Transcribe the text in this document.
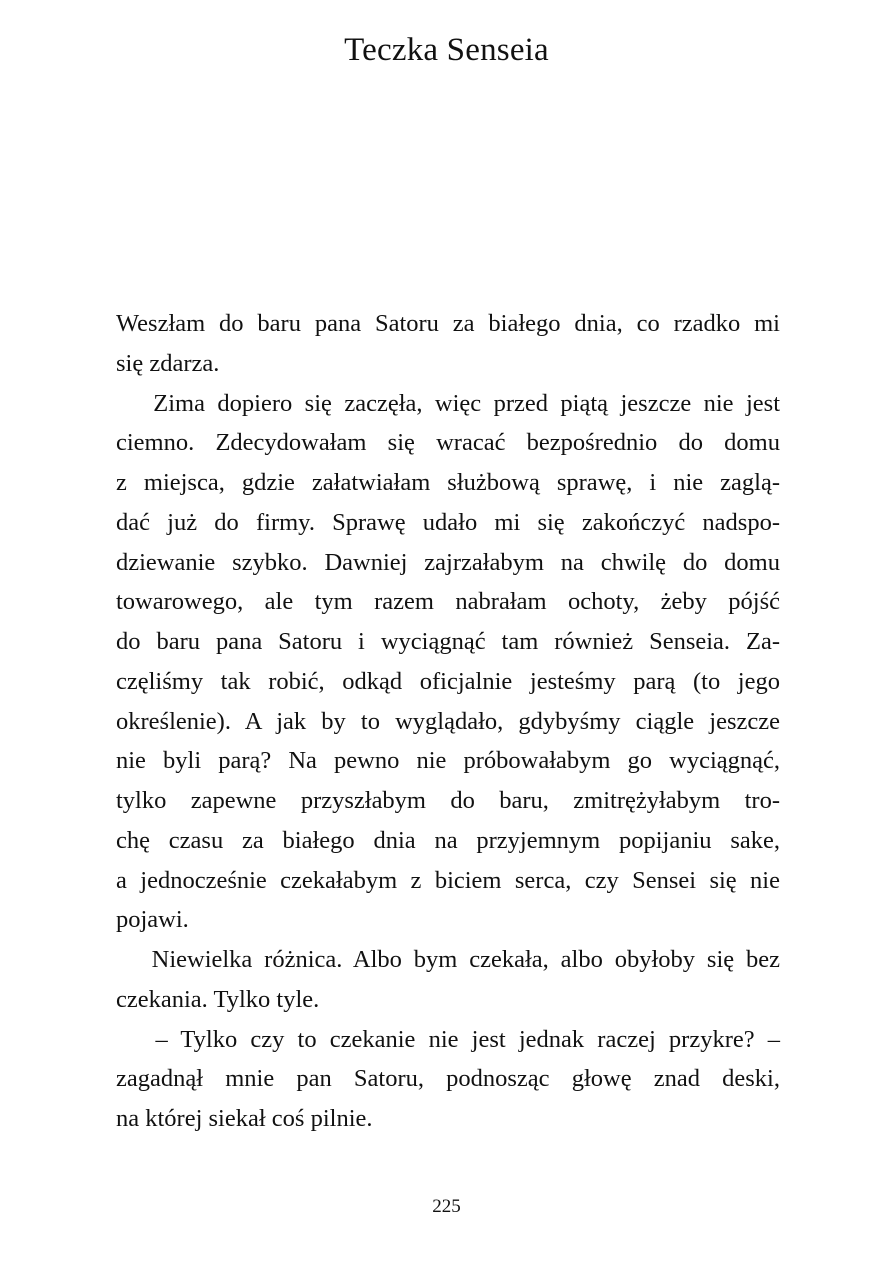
Teczka Senseia
Weszłam do baru pana Satoru za białego dnia, co rzadko mi
się zdarza.
Zima dopiero się zaczęła, więc przed piątą jeszcze nie jest
ciemno. Zdecydowałam się wracać bezpośrednio do domu
z miejsca, gdzie załatwiałam służbową sprawę, i nie zaglą-
dać już do firmy. Sprawę udało mi się zakończyć nadspo-
dziewanie szybko. Dawniej zajrzałabym na chwilę do domu
towarowego, ale tym razem nabrałam ochoty, żeby pójść
do baru pana Satoru i wyciągnąć tam również Senseia. Za-
częliśmy tak robić, odkąd oficjalnie jesteśmy parą (to jego
określenie). A jak by to wyglądało, gdybyśmy ciągle jeszcze
nie byli parą? Na pewno nie próbowałabym go wyciągnąć,
tylko zapewne przyszłabym do baru, zmitrężyłabym tro-
chę czasu za białego dnia na przyjemnym popijaniu sake,
a jednocześnie czekałabym z biciem serca, czy Sensei się nie
pojawi.
Niewielka różnica. Albo bym czekała, albo obyłoby się bez
czekania. Tylko tyle.
– Tylko czy to czekanie nie jest jednak raczej przykre? –
zagadnął mnie pan Satoru, podnosząc głowę znad deski,
na której siekał coś pilnie.
225
